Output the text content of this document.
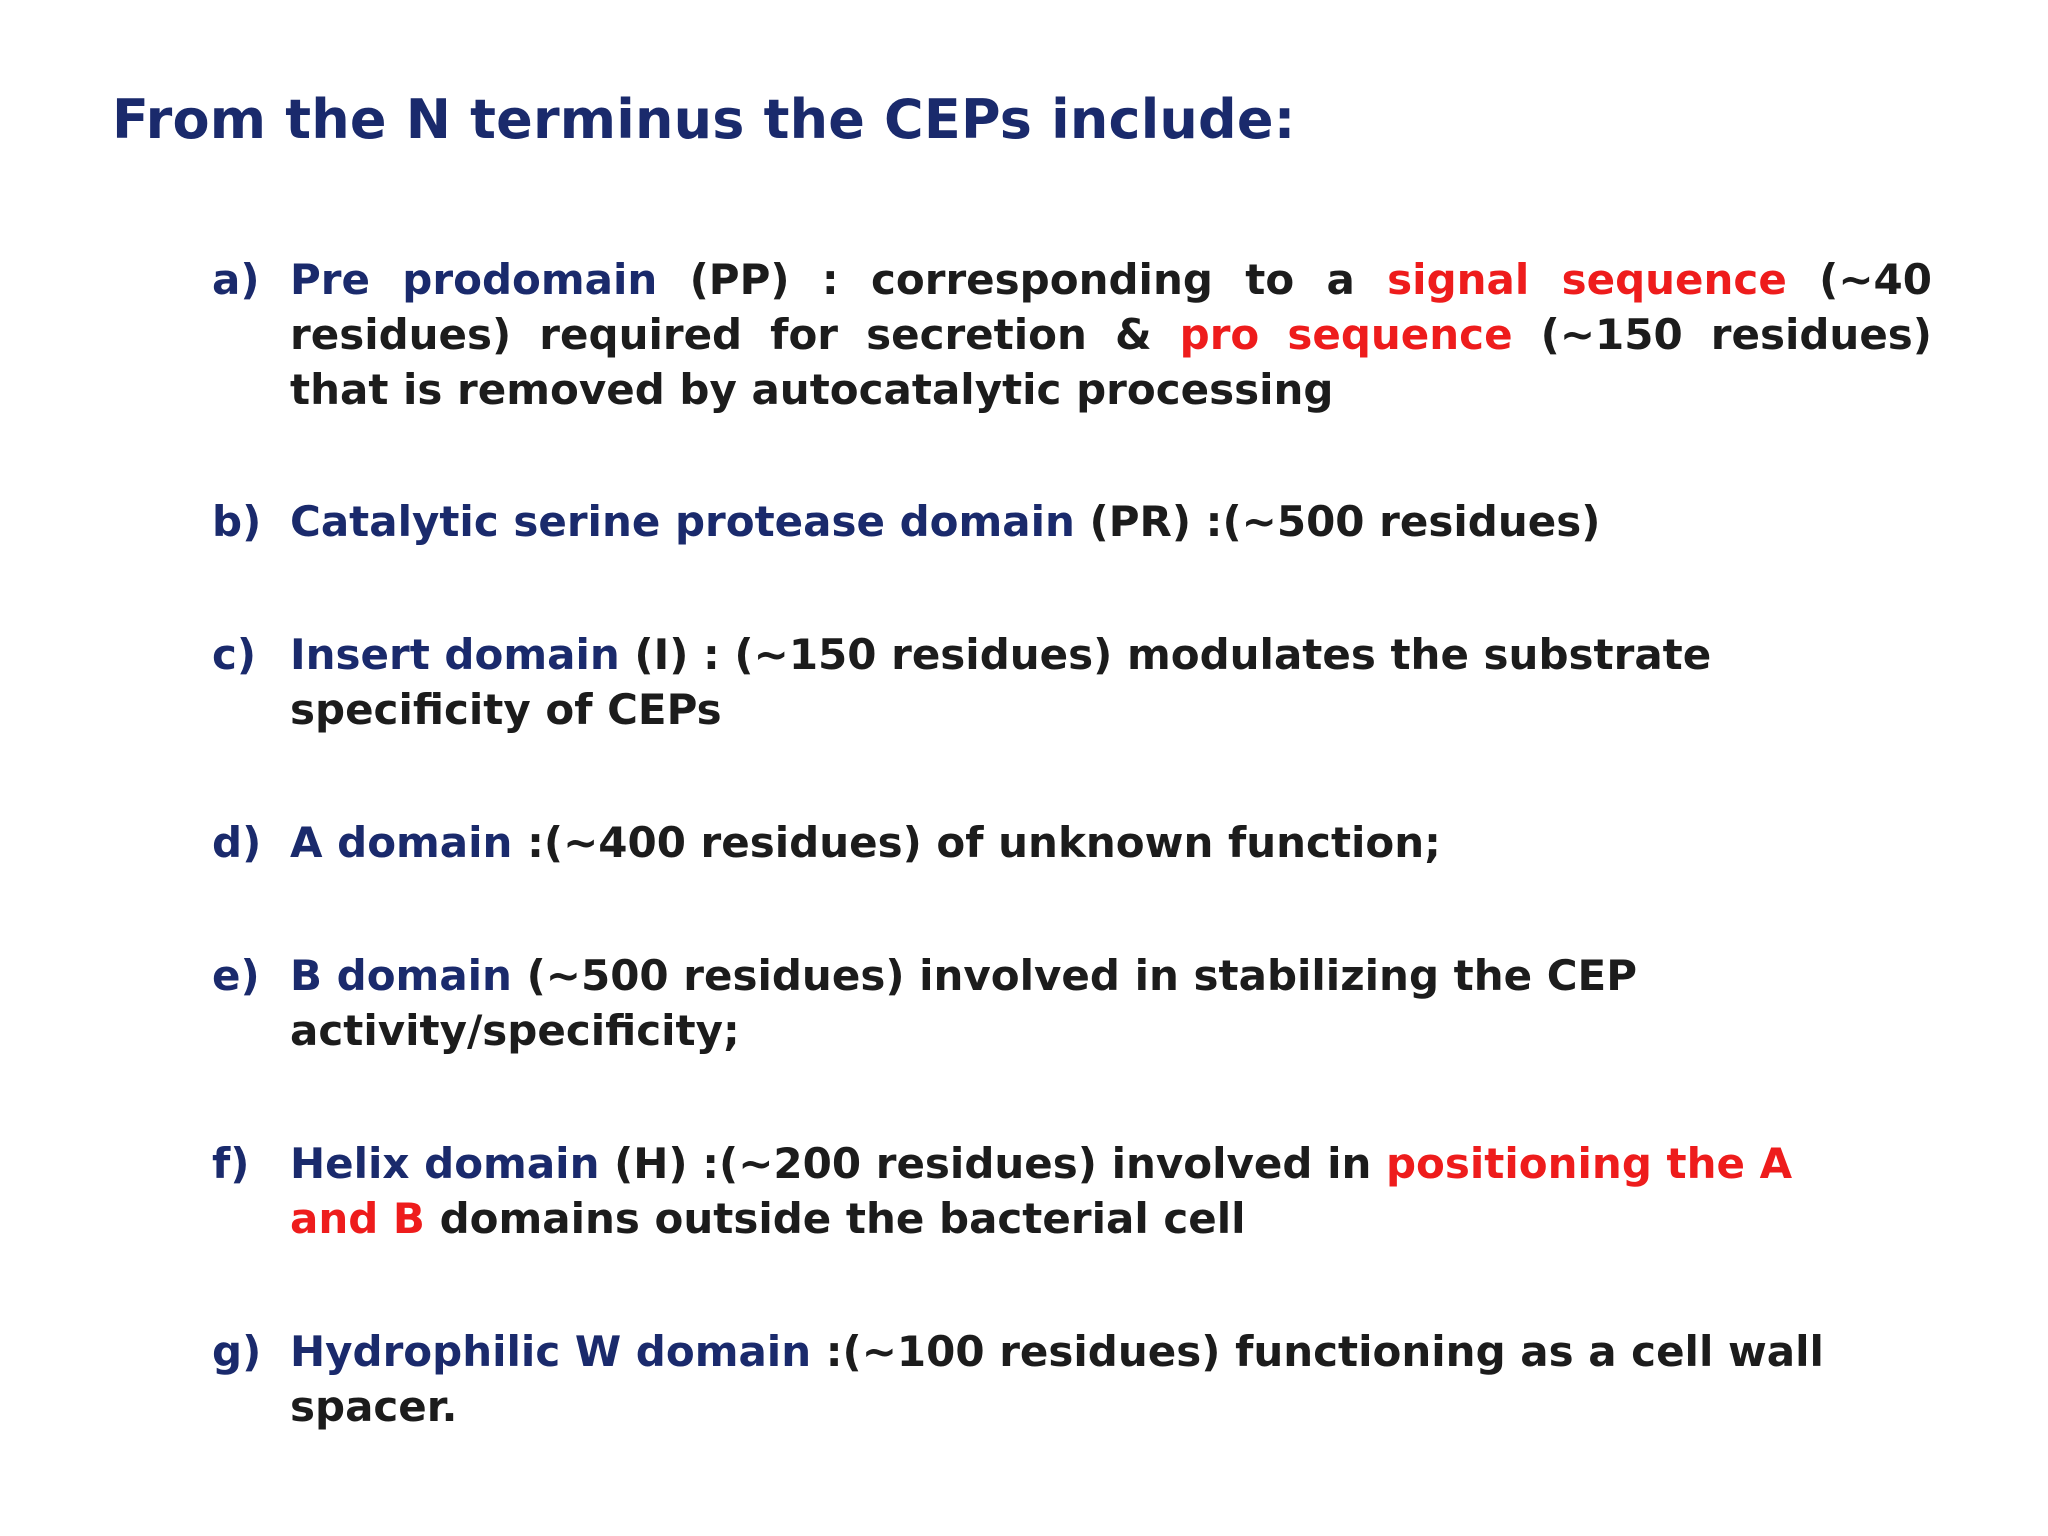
From the N terminus the CEPs include:
a) Pre prodomain (PP) : corresponding to a signal sequence (~40 residues) required for secretion & pro sequence (~150 residues) that is removed by autocatalytic processing
b) Catalytic serine protease domain (PR) :(~500 residues)
c) Insert domain (I) : (~150 residues) modulates the substrate specificity of CEPs
d) A domain :(~400 residues) of unknown function;
e) B domain (~500 residues) involved in stabilizing the CEP activity/specificity;
f) Helix domain (H) :(~200 residues) involved in positioning the A and B domains outside the bacterial cell
g) Hydrophilic W domain :(~100 residues) functioning as a cell wall spacer.
